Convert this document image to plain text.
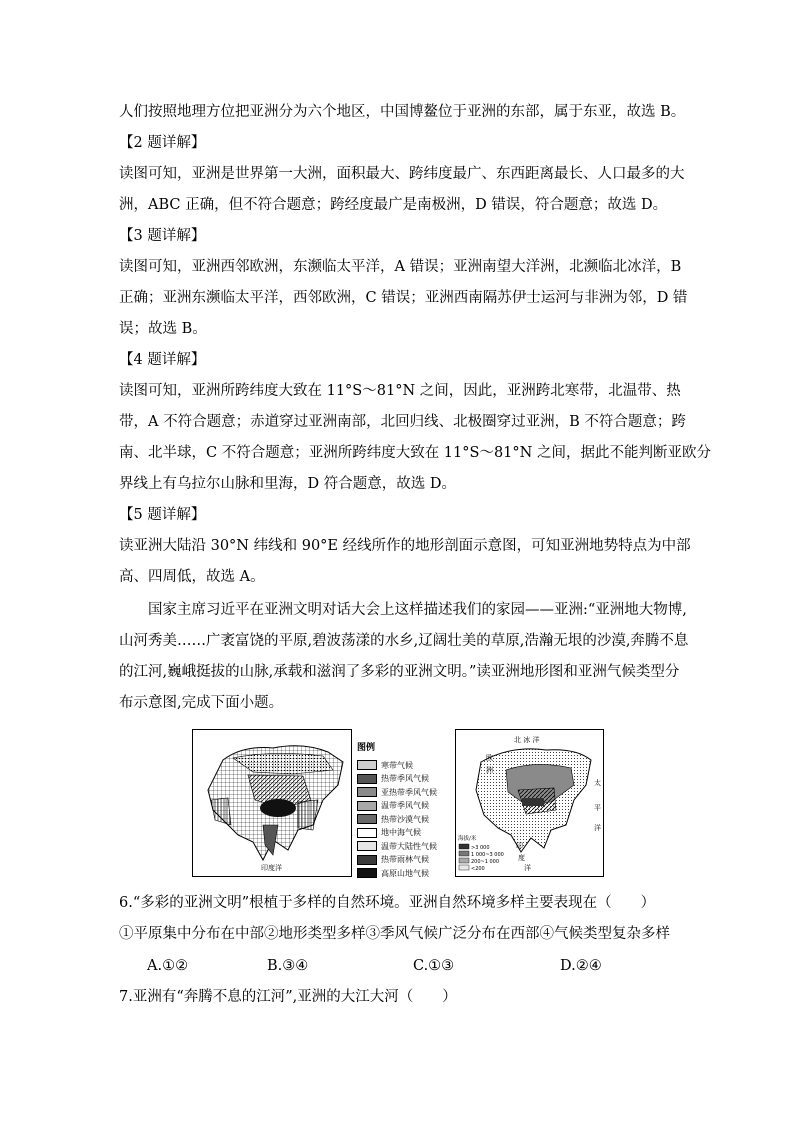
人们按照地理方位把亚洲分为六个地区，中国博鳌位于亚洲的东部，属于东亚，故选 B。
【2 题详解】
读图可知，亚洲是世界第一大洲，面积最大、跨纬度最广、东西距离最长、人口最多的大
洲，ABC 正确，但不符合题意；跨经度最广是南极洲，D 错误，符合题意；故选 D。
【3 题详解】
读图可知，亚洲西邻欧洲，东濒临太平洋，A 错误；亚洲南望大洋洲，北濒临北冰洋，B
正确；亚洲东濒临太平洋，西邻欧洲，C 错误；亚洲西南隔苏伊士运河与非洲为邻，D 错
误；故选 B。
【4 题详解】
读图可知，亚洲所跨纬度大致在 11°S～81°N 之间，因此，亚洲跨北寒带，北温带、热
带，A 不符合题意；赤道穿过亚洲南部，北回归线、北极圈穿过亚洲，B 不符合题意；跨
南、北半球，C 不符合题意；亚洲所跨纬度大致在 11°S～81°N 之间，据此不能判断亚欧分
界线上有乌拉尔山脉和里海，D 符合题意，故选 D。
【5 题详解】
读亚洲大陆沿 30°N 纬线和 90°E 经线所作的地形剖面示意图，可知亚洲地势特点为中部
高、四周低，故选 A。
国家主席习近平在亚洲文明对话大会上这样描述我们的家园——亚洲:“亚洲地大物博,
山河秀美……广袤富饶的平原,碧波荡漾的水乡,辽阔壮美的草原,浩瀚无垠的沙漠,奔腾不息
的江河,巍峨挺拔的山脉,承载和滋润了多彩的亚洲文明。”读亚洲地形图和亚洲气候类型分
布示意图,完成下面小题。
印度洋
图例
寒带气候
热带季风气候
亚热带季风气候
温带季风气候
热带沙漠气候
地中海气候
温带大陆性气候
热带雨林气候
高原山地气候
北 冰 洋
太
平
洋
印
度
洋
欧
洲
海拔/米
>3 000
1 000~3 000
200~1 000
<200
6.“多彩的亚洲文明”根植于多样的自然环境。亚洲自然环境多样主要表现在（　　）
①平原集中分布在中部②地形类型多样③季风气候广泛分布在西部④气候类型复杂多样
A.①②	B.③④	C.①③	D.②④
7.亚洲有“奔腾不息的江河”,亚洲的大江大河（　　）
